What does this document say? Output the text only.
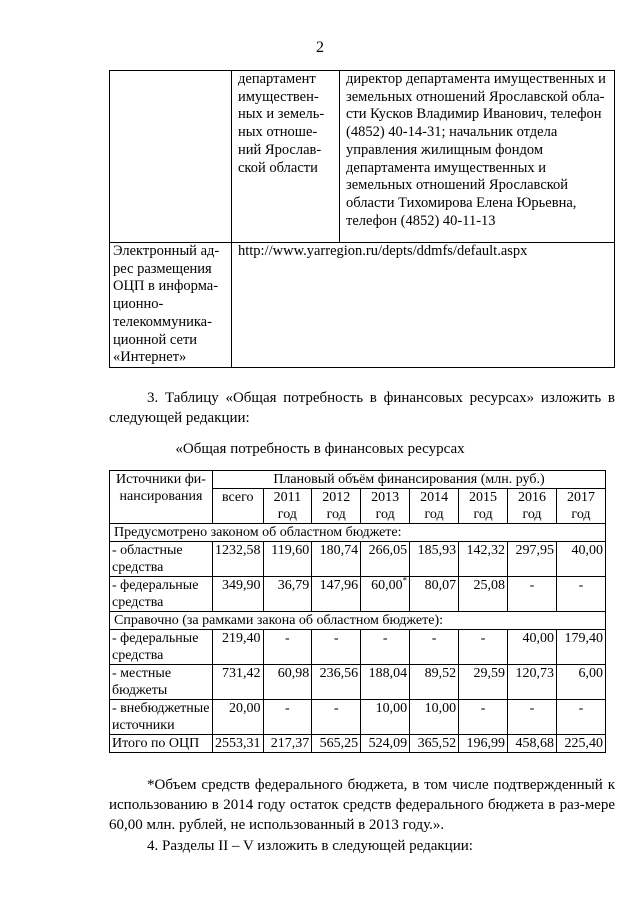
2
	департамент имуществен-ных и земель-ных отноше-ний Ярослав-ской области	директор департамента имущественных и земельных отношений Ярославской обла-сти Кусков Владимир Иванович, телефон (4852) 40-14-31; начальник отдела управления жилищным фондом департамента имущественных и земельных отношений Ярославской области Тихомирова Елена Юрьевна, телефон (4852) 40-11-13
Электронный ад-рес размещения ОЦП в информа-ционно-телекоммуника-ционной сети «Интернет»	http://www.yarregion.ru/depts/ddmfs/default.aspx	
3. Таблицу «Общая потребность в финансовых ресурсах» изложить в следующей редакции:
«Общая потребность в финансовых ресурсах
Источники фи-нансирования	Плановый объём финансирования (млн. руб.)							
	всего	2011 год	2012 год	2013 год	2014 год	2015 год	2016 год	2017 год
Предусмотрено законом об областном бюджете:								
- областные средства	1232,58	119,60	180,74	266,05	185,93	142,32	297,95	40,00
- федеральные средства	349,90	36,79	147,96	60,00*	80,07	25,08	-	-
Справочно (за рамками закона об областном бюджете):								
- федеральные средства	219,40	-	-	-	-	-	40,00	179,40
- местные бюджеты	731,42	60,98	236,56	188,04	89,52	29,59	120,73	6,00
- внебюджетные источники	20,00	-	-	10,00	10,00	-	-	-
Итого по ОЦП	2553,31	217,37	565,25	524,09	365,52	196,99	458,68	225,40
*Объем средств федерального бюджета, в том числе подтвержденный к использованию в 2014 году остаток средств федерального бюджета в раз-мере 60,00 млн. рублей, не использованный в 2013 году.».
4. Разделы II – V изложить в следующей редакции:
